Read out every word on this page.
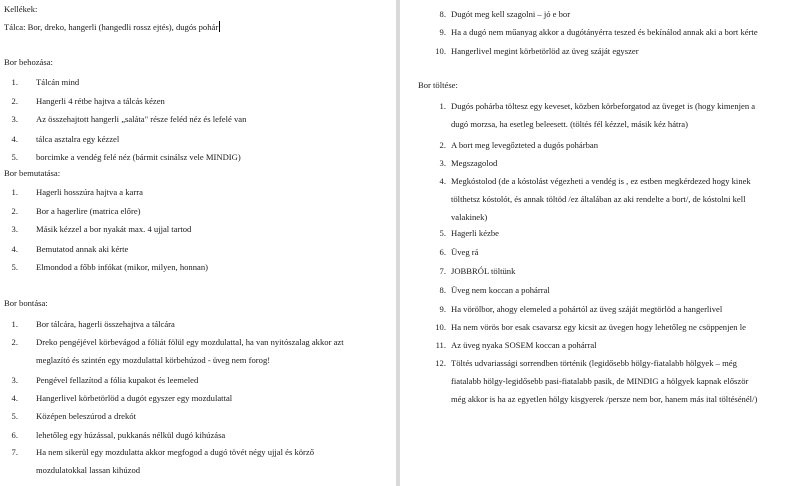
Kellékek:
Tálca: Bor, dreko, hangerli (hangedli rossz ejtés), dugós pohár
Bor behozása:
1. Tálcán mind
2. Hangerli 4 rétbe hajtva a tálcás kézen
3. Az összehajtott hangerli „saláta" része feléd néz és lefelé van
4. tálca asztalra egy kézzel
5. borcimke a vendég felé néz (bármit csinálsz vele MINDIG)
Bor bemutatása:
1. Hagerli hosszúra hajtva a karra
2. Bor a hagerlire (matrica előre)
3. Másik kézzel a bor nyakát max. 4 ujjal tartod
4. Bemutatod annak aki kérte
5. Elmondod a főbb infókat (mikor, milyen, honnan)
Bor bontása:
1. Bor tálcára, hagerli összehajtva a tálcára
2. Dreko pengéjével körbevágod a fóliát fölül egy mozdulattal, ha van nyitószalag akkor azt
meglazító és szintén egy mozdulattal körbehúzod - üveg nem forog!
3. Pengével fellazítod a fólia kupakot és leemeled
4. Hangerlivel körbetörlöd a dugót egyszer egy mozdulattal
5. Középen beleszúrod a drekót
6. lehetőleg egy húzással, pukkanás nélkül dugó kihúzása
7. Ha nem sikerül egy mozdulatta akkor megfogod a dugó tövét négy ujjal és körző
mozdulatokkal lassan kihúzod
8. Dugót meg kell szagolni – jó e bor
9. Ha a dugó nem műanyag akkor a dugótányérra teszed és bekínálod annak aki a bort kérte
10. Hangerlivel megint körbetörlöd az üveg száját egyszer
Bor töltése:
1. Dugós pohárba töltesz egy keveset, közben körbeforgatod az üveget is (hogy kimenjen a
dugó morzsa, ha esetleg beleesett. (töltés fél kézzel, másik kéz hátra)
2. A bort meg levegőzteted a dugós pohárban
3. Megszagolod
4. Megkóstolod (de a kóstolást végezheti a vendég is , ez estben megkérdezed hogy kinek
tölthetsz kóstolót, és annak töltöd /ez általában az aki rendelte a bort/, de kóstolni kell
valakinek)
5. Hagerli kézbe
6. Üveg rá
7. JOBBRÓL töltünk
8. Üveg nem koccan a pohárral
9. Ha vörölbor, ahogy elemeled a pohártól az üveg száját megtörlöd a hangerlivel
10. Ha nem vörös bor esak csavarsz egy kicsit az üvegen hogy lehetőleg ne csöppenjen le
11. Az üveg nyaka SOSEM koccan a pohárral
12. Töltés udvariassági sorrendben történik (legidősebb hölgy-fiatalabb hölgyek – még
fiatalabb hölgy-legidősebb pasi-fiatalabb pasik, de MINDIG a hölgyek kapnak először
még akkor is ha az egyetlen hölgy kisgyerek /persze nem bor, hanem más ital töltésénél/)
